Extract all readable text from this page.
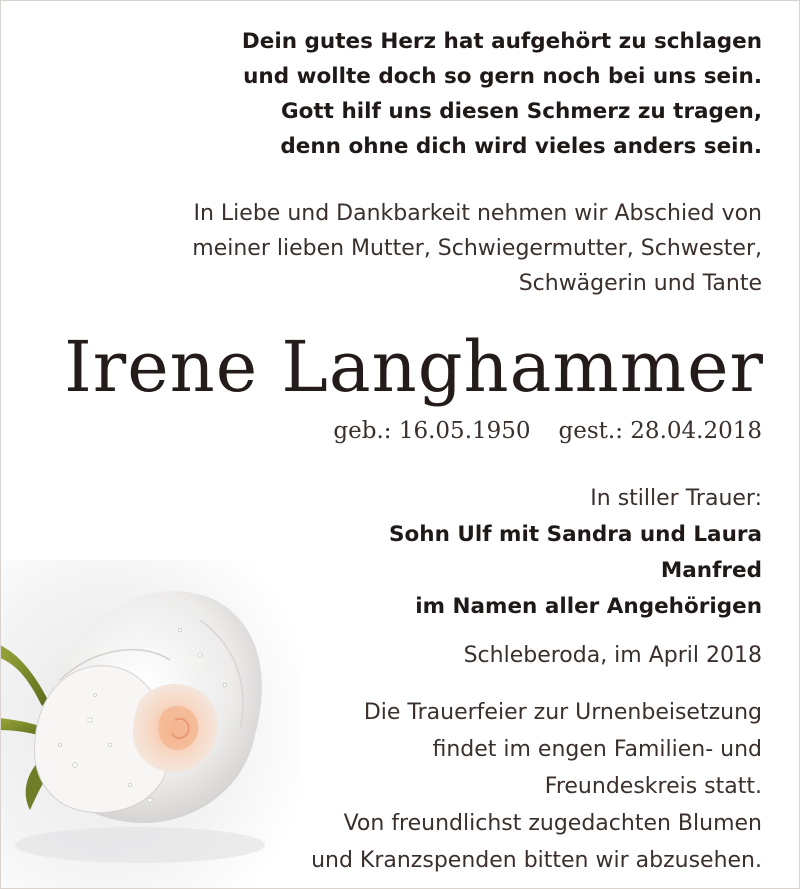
Dein gutes Herz hat aufgehört zu schlagen
und wollte doch so gern noch bei uns sein.
Gott hilf uns diesen Schmerz zu tragen,
denn ohne dich wird vieles anders sein.
In Liebe und Dankbarkeit nehmen wir Abschied von
meiner lieben Mutter, Schwiegermutter, Schwester,
Schwägerin und Tante
Irene Langhammer
geb.: 16.05.1950 gest.: 28.04.2018
In stiller Trauer:
Sohn Ulf mit Sandra und Laura
Manfred
im Namen aller Angehörigen
Schleberoda, im April 2018
Die Trauerfeier zur Urnenbeisetzung
findet im engen Familien- und
Freundeskreis statt.
Von freundlichst zugedachten Blumen
und Kranzspenden bitten wir abzusehen.
